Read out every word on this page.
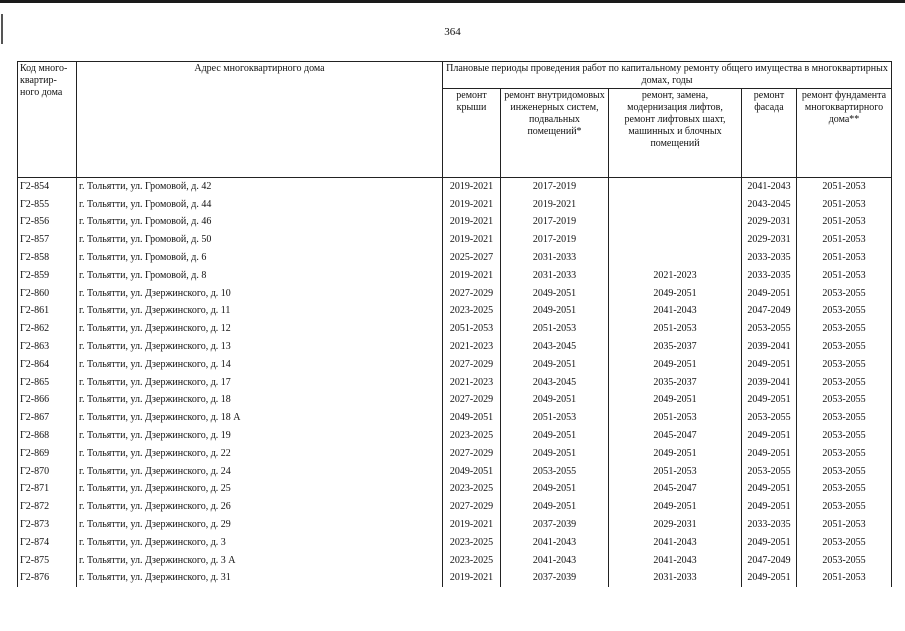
364
Код много-квартир-ного дома	Адрес многоквартирного дома	Плановые периоды проведения работ по капитальному ремонту общего имущества в многоквартирных домах, годы				
		ремонт крыши	ремонт внутридомовых инженерных систем, подвальных помещений*	ремонт, замена, модернизация лифтов, ремонт лифтовых шахт, машинных и блочных помещений	ремонт фасада	ремонт фундамента многоквартирного дома**
Г2-854	г. Тольятти, ул. Громовой, д. 42	2019-2021	2017-2019		2041-2043	2051-2053
Г2-855	г. Тольятти, ул. Громовой, д. 44	2019-2021	2019-2021		2043-2045	2051-2053
Г2-856	г. Тольятти, ул. Громовой, д. 46	2019-2021	2017-2019		2029-2031	2051-2053
Г2-857	г. Тольятти, ул. Громовой, д. 50	2019-2021	2017-2019		2029-2031	2051-2053
Г2-858	г. Тольятти, ул. Громовой, д. 6	2025-2027	2031-2033		2033-2035	2051-2053
Г2-859	г. Тольятти, ул. Громовой, д. 8	2019-2021	2031-2033	2021-2023	2033-2035	2051-2053
Г2-860	г. Тольятти, ул. Дзержинского, д. 10	2027-2029	2049-2051	2049-2051	2049-2051	2053-2055
Г2-861	г. Тольятти, ул. Дзержинского, д. 11	2023-2025	2049-2051	2041-2043	2047-2049	2053-2055
Г2-862	г. Тольятти, ул. Дзержинского, д. 12	2051-2053	2051-2053	2051-2053	2053-2055	2053-2055
Г2-863	г. Тольятти, ул. Дзержинского, д. 13	2021-2023	2043-2045	2035-2037	2039-2041	2053-2055
Г2-864	г. Тольятти, ул. Дзержинского, д. 14	2027-2029	2049-2051	2049-2051	2049-2051	2053-2055
Г2-865	г. Тольятти, ул. Дзержинского, д. 17	2021-2023	2043-2045	2035-2037	2039-2041	2053-2055
Г2-866	г. Тольятти, ул. Дзержинского, д. 18	2027-2029	2049-2051	2049-2051	2049-2051	2053-2055
Г2-867	г. Тольятти, ул. Дзержинского, д. 18 А	2049-2051	2051-2053	2051-2053	2053-2055	2053-2055
Г2-868	г. Тольятти, ул. Дзержинского, д. 19	2023-2025	2049-2051	2045-2047	2049-2051	2053-2055
Г2-869	г. Тольятти, ул. Дзержинского, д. 22	2027-2029	2049-2051	2049-2051	2049-2051	2053-2055
Г2-870	г. Тольятти, ул. Дзержинского, д. 24	2049-2051	2053-2055	2051-2053	2053-2055	2053-2055
Г2-871	г. Тольятти, ул. Дзержинского, д. 25	2023-2025	2049-2051	2045-2047	2049-2051	2053-2055
Г2-872	г. Тольятти, ул. Дзержинского, д. 26	2027-2029	2049-2051	2049-2051	2049-2051	2053-2055
Г2-873	г. Тольятти, ул. Дзержинского, д. 29	2019-2021	2037-2039	2029-2031	2033-2035	2051-2053
Г2-874	г. Тольятти, ул. Дзержинского, д. 3	2023-2025	2041-2043	2041-2043	2049-2051	2053-2055
Г2-875	г. Тольятти, ул. Дзержинского, д. 3 А	2023-2025	2041-2043	2041-2043	2047-2049	2053-2055
Г2-876	г. Тольятти, ул. Дзержинского, д. 31	2019-2021	2037-2039	2031-2033	2049-2051	2051-2053
